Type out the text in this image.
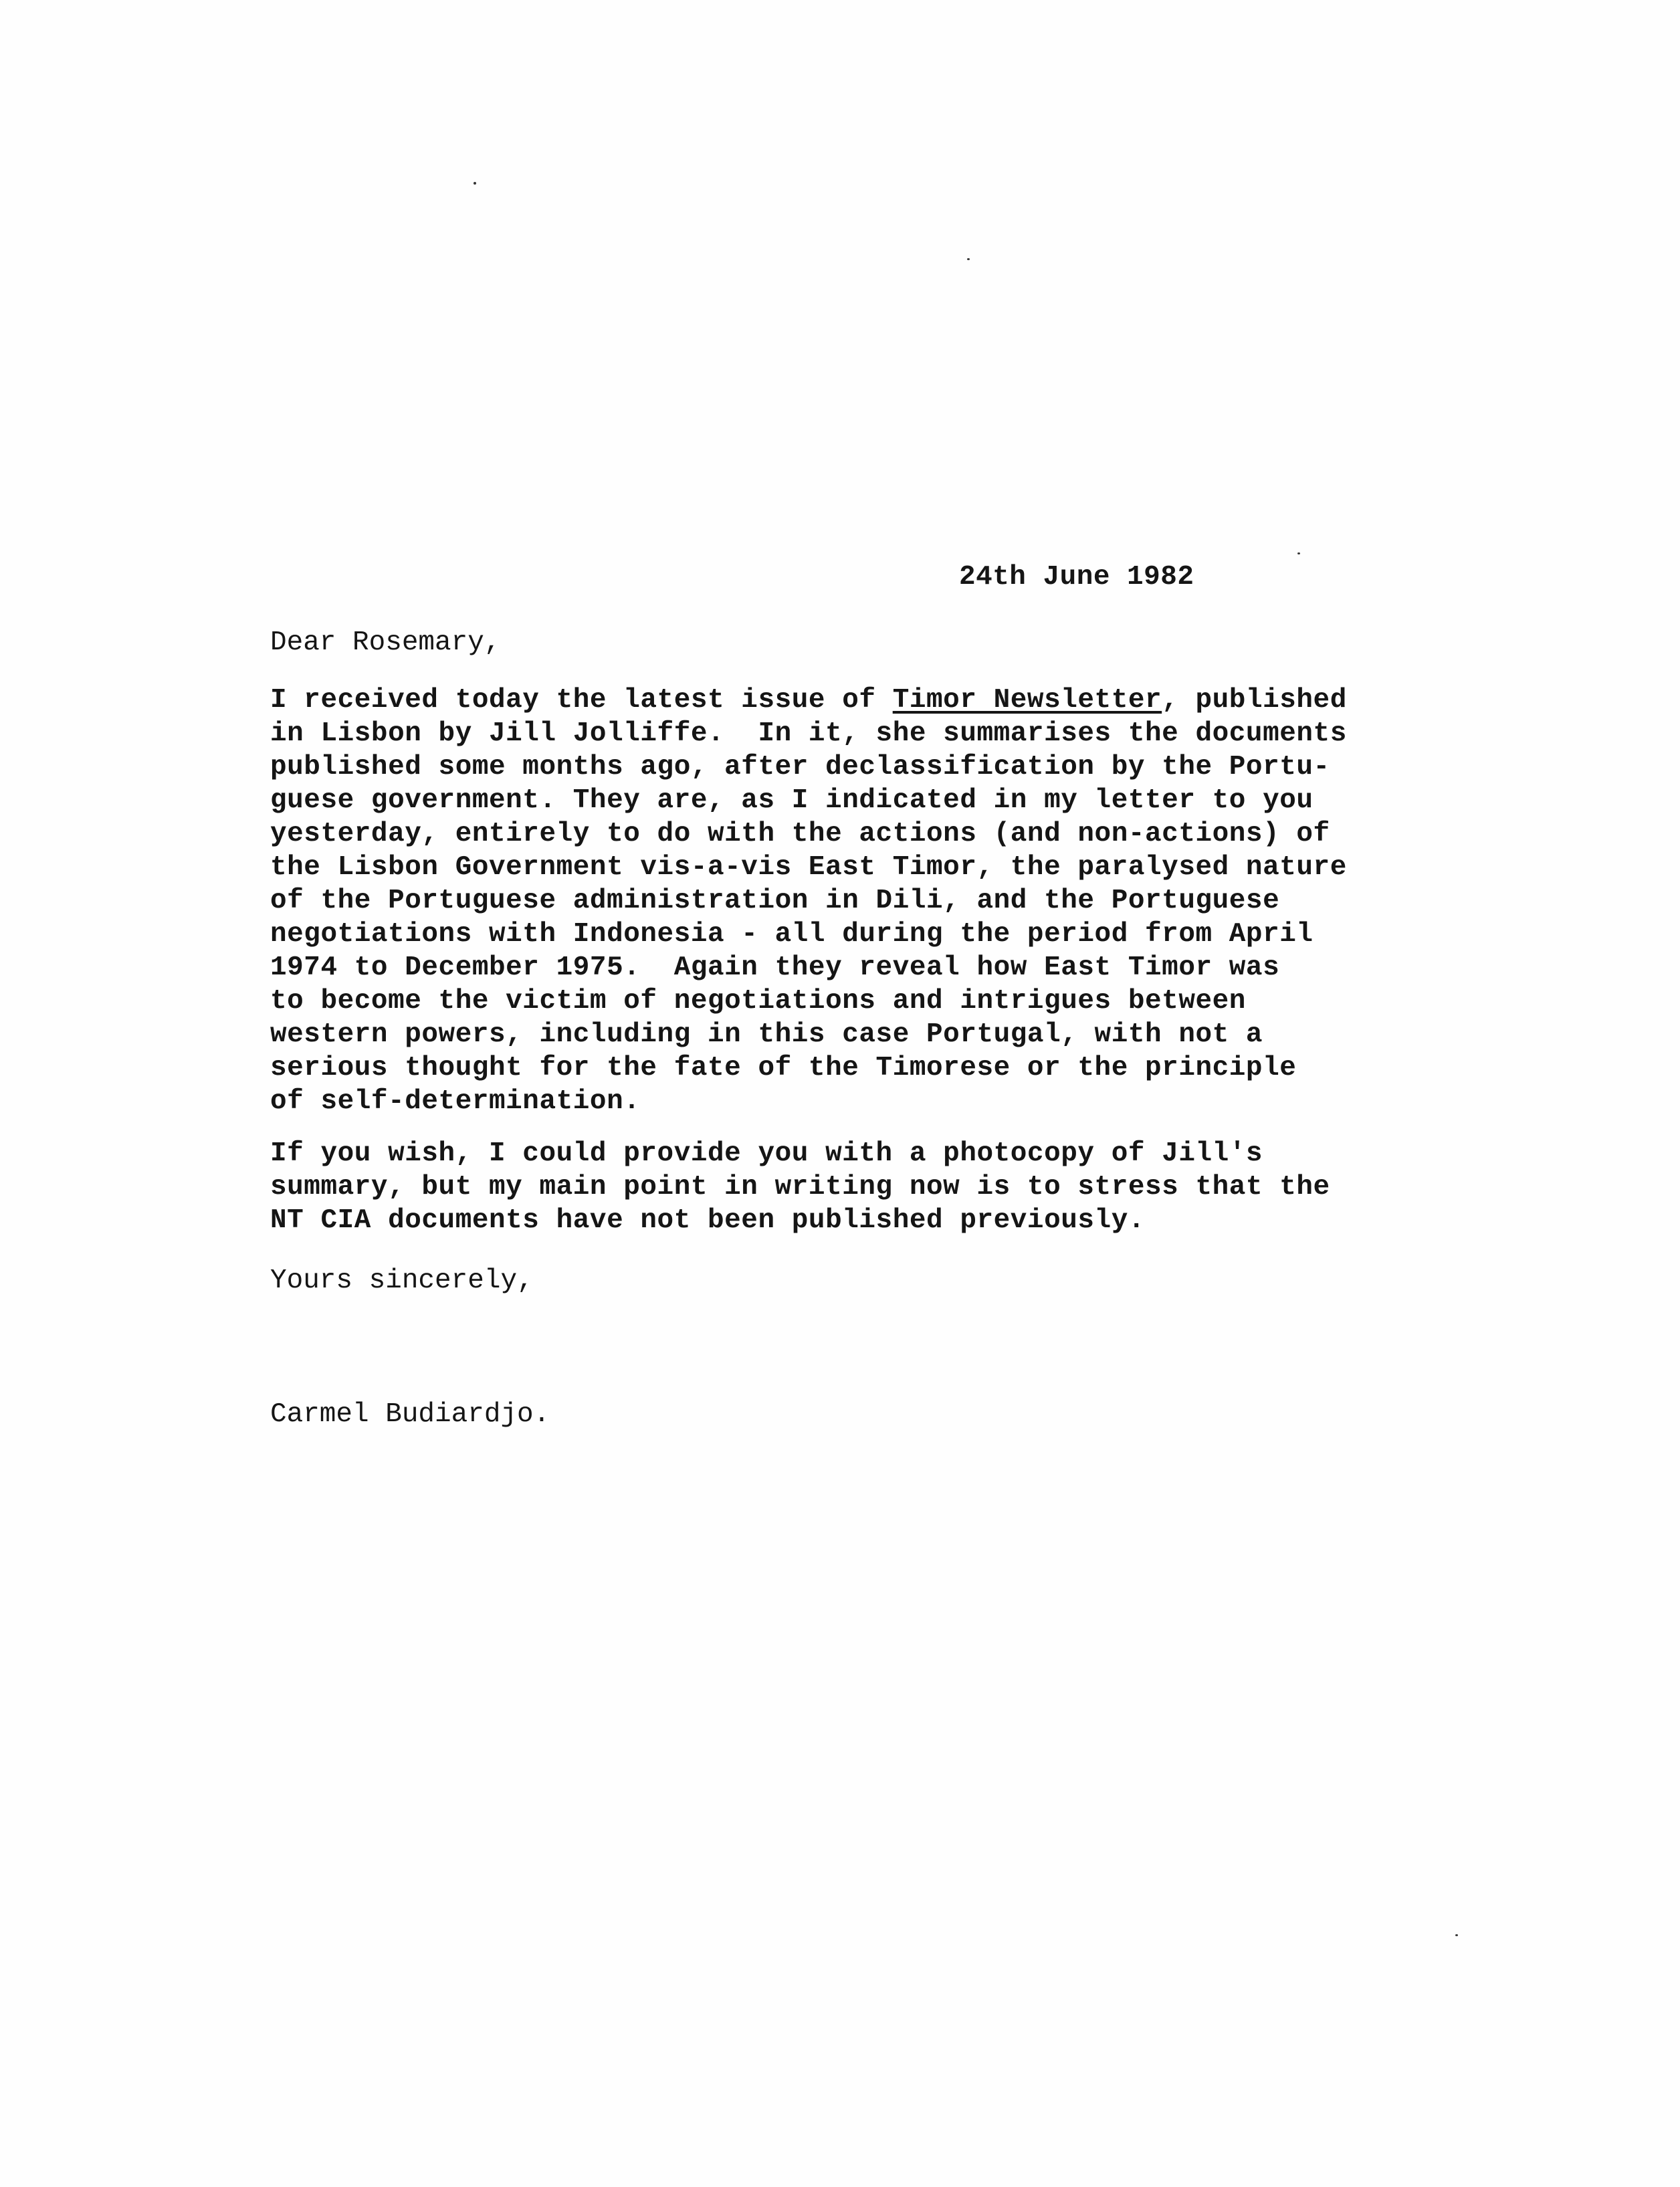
24th June 1982
Dear Rosemary,
I received today the latest issue of Timor Newsletter, published
in Lisbon by Jill Jolliffe.  In it, she summarises the documents
published some months ago, after declassification by the Portu-
guese government. They are, as I indicated in my letter to you
yesterday, entirely to do with the actions (and non-actions) of
the Lisbon Government vis-a-vis East Timor, the paralysed nature
of the Portuguese administration in Dili, and the Portuguese
negotiations with Indonesia - all during the period from April
1974 to December 1975.  Again they reveal how East Timor was
to become the victim of negotiations and intrigues between
western powers, including in this case Portugal, with not a
serious thought for the fate of the Timorese or the principle
of self-determination.
If you wish, I could provide you with a photocopy of Jill's
summary, but my main point in writing now is to stress that the
NT CIA documents have not been published previously.
Yours sincerely,
Carmel Budiardjo.
